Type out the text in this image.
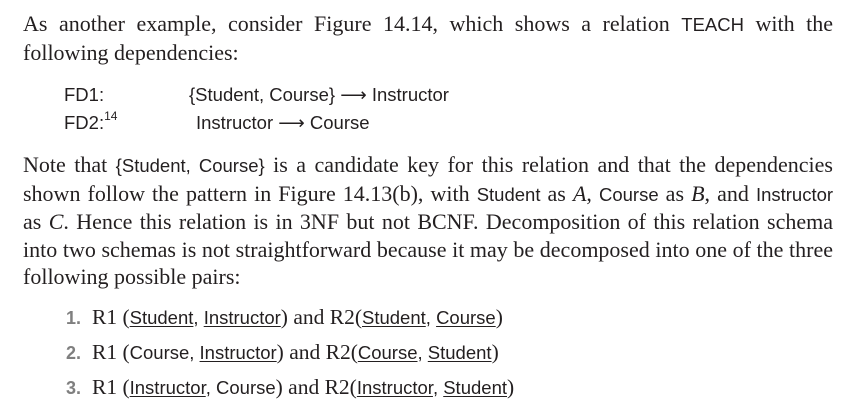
As another example, consider Figure 14.14, which shows a relation TEACH with the following dependencies:

FD1:	{Student, Course} ⟶ Instructor
FD2:$^{14}$	Instructor ⟶ Course

Note that {Student, Course} is a candidate key for this relation and that the dependencies shown follow the pattern in Figure 14.13(b), with Student as A, Course as B, and Instructor as C. Hence this relation is in 3NF but not BCNF. Decomposition of this relation schema into two schemas is not straightforward because it may be decomposed into one of the three following possible pairs:

1. R1 (Student, Instructor) and R2(Student, Course)
2. R1 (Course, Instructor) and R2(Course, Student)
3. R1 (Instructor, Course) and R2(Instructor, Student)
